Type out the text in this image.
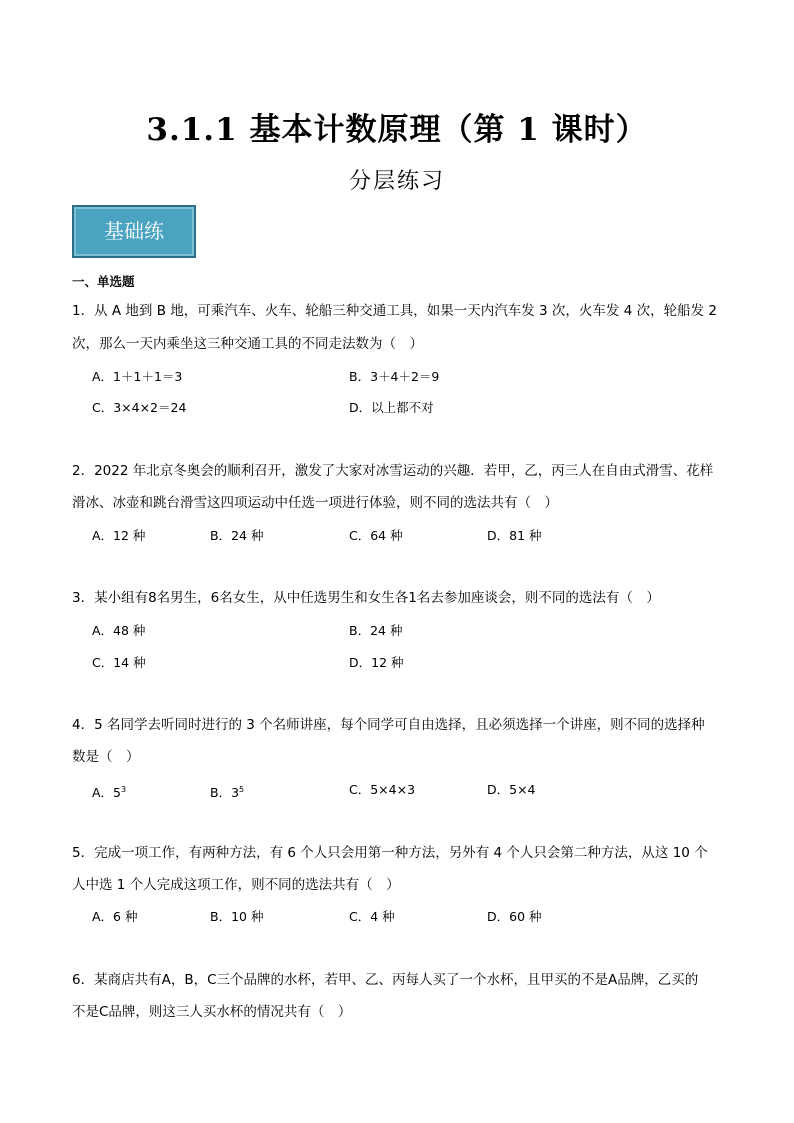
3.1.1 基本计数原理（第 1 课时）
分层练习
基础练
一、单选题
1．从 A 地到 B 地，可乘汽车、火车、轮船三种交通工具，如果一天内汽车发 3 次，火车发 4 次，轮船发 2
次，那么一天内乘坐这三种交通工具的不同走法数为（　）
A．1＋1＋1＝3	B．3＋4＋2＝9
C．3×4×2＝24	D．以上都不对
2．2022 年北京冬奥会的顺利召开，激发了大家对冰雪运动的兴趣．若甲，乙，丙三人在自由式滑雪、花样
滑冰、冰壶和跳台滑雪这四项运动中任选一项进行体验，则不同的选法共有（　）
A．12 种	B．24 种	C．64 种	D．81 种
3．某小组有8名男生，6名女生，从中任选男生和女生各1名去参加座谈会，则不同的选法有（　）
A．48 种	B．24 种
C．14 种	D．12 种
4．5 名同学去听同时进行的 3 个名师讲座，每个同学可自由选择，且必须选择一个讲座，则不同的选择种
数是（　）
A．$5^3$	B．$3^5$	C．5×4×3	D．5×4
5．完成一项工作，有两种方法，有 6 个人只会用第一种方法，另外有 4 个人只会第二种方法，从这 10 个
人中选 1 个人完成这项工作，则不同的选法共有（　）
A．6 种	B．10 种	C．4 种	D．60 种
6．某商店共有A，B，C三个品牌的水杯，若甲、乙、丙每人买了一个水杯，且甲买的不是A品牌，乙买的
不是C品牌，则这三人买水杯的情况共有（　）
